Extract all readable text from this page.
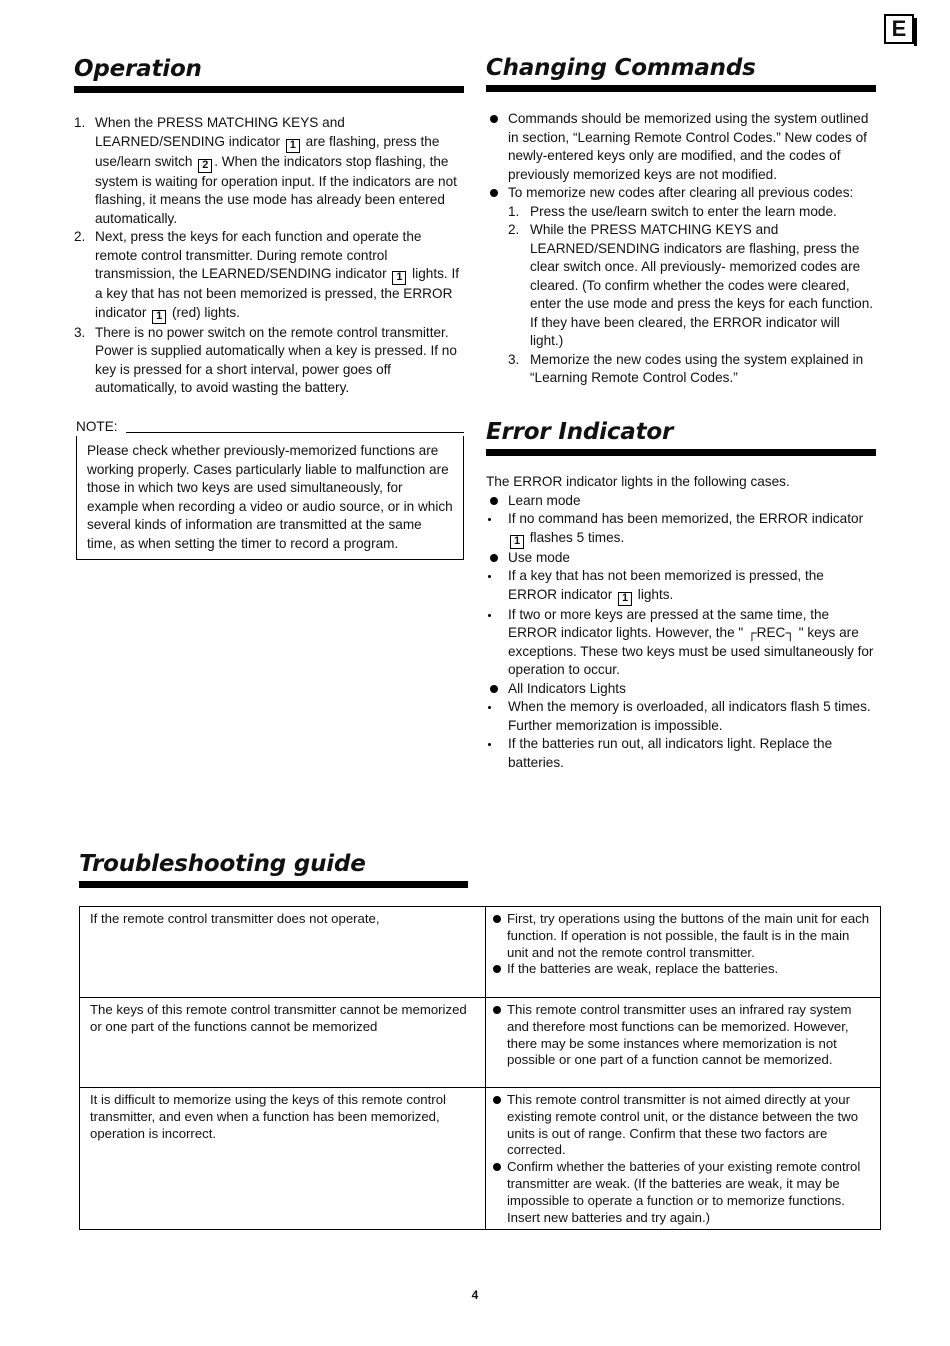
E
Operation
1. When the PRESS MATCHING KEYS and LEARNED/SENDING indicator 1 are flashing, press the use/learn switch 2 . When the indicators stop flashing, the system is waiting for operation input. If the indicators are not flashing, it means the use mode has already been entered automatically.
2. Next, press the keys for each function and operate the remote control transmitter. During remote control transmission, the LEARNED/SENDING indicator 1 lights. If a key that has not been memorized is pressed, the ERROR indicator 1 (red) lights.
3. There is no power switch on the remote control transmitter. Power is supplied automatically when a key is pressed. If no key is pressed for a short interval, power goes off automatically, to avoid wasting the battery.
NOTE:
Please check whether previously-memorized functions are working properly. Cases particularly liable to malfunction are those in which two keys are used simultaneously, for example when recording a video or audio source, or in which several kinds of information are transmitted at the same time, as when setting the timer to record a program.
Changing Commands
Commands should be memorized using the system outlined in section, “Learning Remote Control Codes.” New codes of newly-entered keys only are modified, and the codes of previously memorized keys are not modified.
To memorize new codes after clearing all previous codes:
1. Press the use/learn switch to enter the learn mode.
2. While the PRESS MATCHING KEYS and LEARNED/SENDING indicators are flashing, press the clear switch once. All previously- memorized codes are cleared. (To confirm whether the codes were cleared, enter the use mode and press the keys for each function. If they have been cleared, the ERROR indicator will light.)
3. Memorize the new codes using the system explained in “Learning Remote Control Codes.”
Error Indicator
The ERROR indicator lights in the following cases.
Learn mode
If no command has been memorized, the ERROR indicator 1 flashes 5 times.
Use mode
If a key that has not been memorized is pressed, the ERROR indicator 1 lights.
If two or more keys are pressed at the same time, the ERROR indicator lights. However, the " ┌REC┐ " keys are exceptions. These two keys must be used simultaneously for operation to occur.
All Indicators Lights
When the memory is overloaded, all indicators flash 5 times. Further memorization is impossible.
If the batteries run out, all indicators light. Replace the batteries.
Troubleshooting guide
If the remote control transmitter does not operate,	First, try operations using the buttons of the main unit for each function. If operation is not possible, the fault is in the main unit and not the remote control transmitter.
If the batteries are weak, replace the batteries.

The keys of this remote control transmitter cannot be memorized or one part of the functions cannot be memorized	This remote control transmitter uses an infrared ray system and therefore most functions can be memorized. However, there may be some instances where memorization is not possible or one part of a function cannot be memorized.

It is difficult to memorize using the keys of this remote control transmitter, and even when a function has been memorized, operation is incorrect.	This remote control transmitter is not aimed directly at your existing remote control unit, or the distance between the two units is out of range. Confirm that these two factors are corrected.
Confirm whether the batteries of your existing remote control transmitter are weak. (If the batteries are weak, it may be impossible to operate a function or to memorize functions. Insert new batteries and try again.)
4
